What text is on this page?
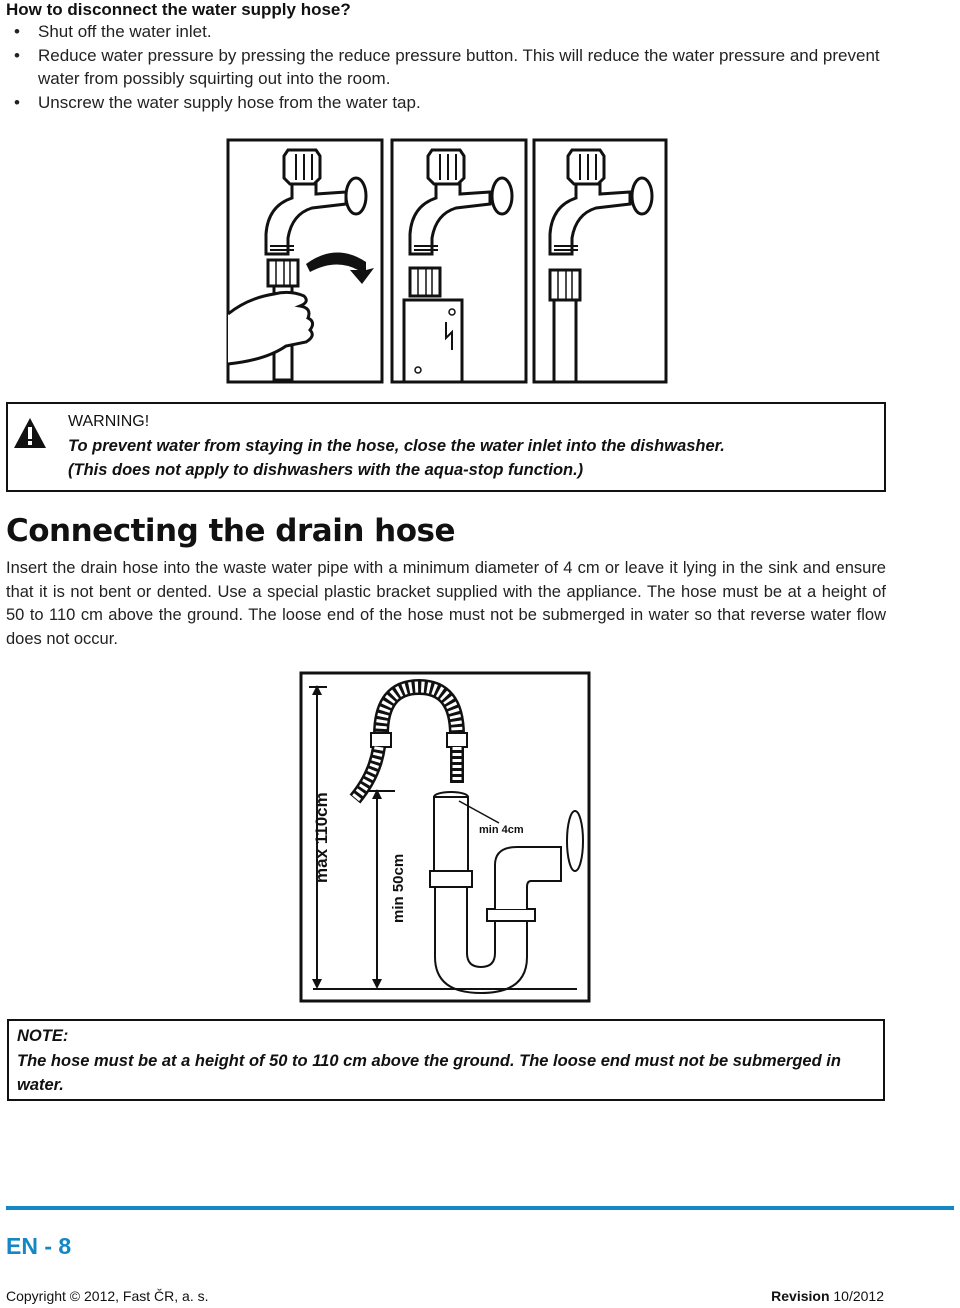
How to disconnect the water supply hose?
• Shut off the water inlet.
• Reduce water pressure by pressing the reduce pressure button. This will reduce the water pressure and prevent water from possibly squirting out into the room.
• Unscrew the water supply hose from the water tap.
WARNING!
To prevent water from staying in the hose, close the water inlet into the dishwasher.
(This does not apply to dishwashers with the aqua-stop function.)
Connecting the drain hose
Insert the drain hose into the waste water pipe with a minimum diameter of 4 cm or leave it lying in the sink and ensure that it is not bent or dented. Use a special plastic bracket supplied with the appliance. The hose must be at a height of 50 to 110 cm above the ground. The loose end of the hose must not be submerged in water so that reverse water flow does not occur.
max 110cm
min 50cm
min 4cm
NOTE:
The hose must be at a height of 50 to 110 cm above the ground. The loose end must not be submerged in water.
EN - 8
Copyright © 2012, Fast ČR, a. s.	Revision 10/2012
